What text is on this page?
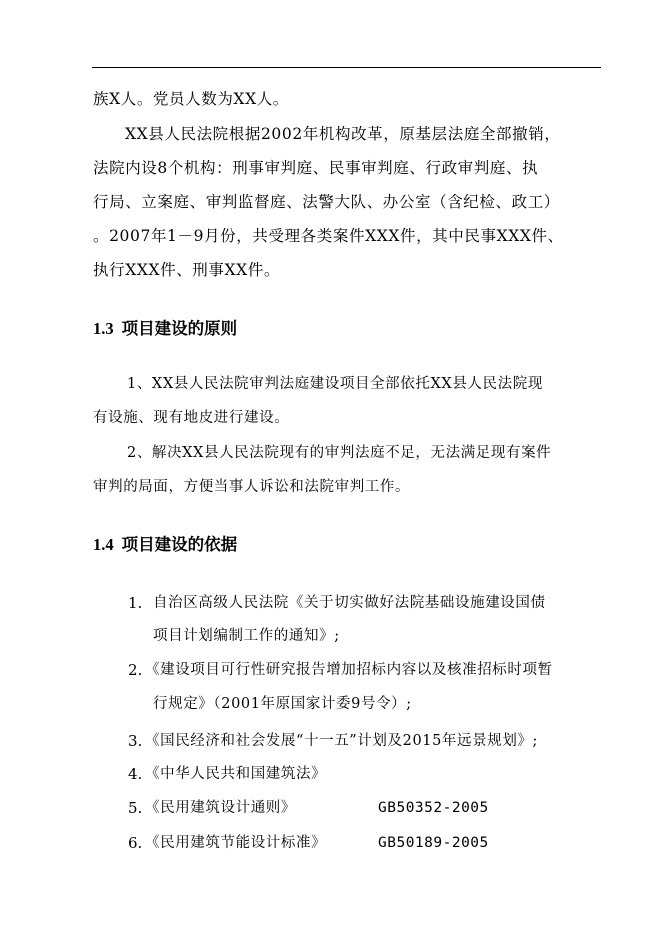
族X人。党员人数为XX人。
XX县人民法院根据2002年机构改革，原基层法庭全部撤销，
法院内设8个机构：刑事审判庭、民事审判庭、行政审判庭、执
行局、立案庭、审判监督庭、法警大队、办公室（含纪检、政工）
。2007年1－9月份，共受理各类案件XXX件，其中民事XXX件、
执行XXX件、刑事XX件。
1.3 项目建设的原则
1、XX县人民法院审判法庭建设项目全部依托XX县人民法院现
有设施、现有地皮进行建设。
2、解决XX县人民法院现有的审判法庭不足，无法满足现有案件
审判的局面，方便当事人诉讼和法院审判工作。
1.4 项目建设的依据
1. 自治区高级人民法院《关于切实做好法院基础设施建设国债
项目计划编制工作的通知》;
2. 《建设项目可行性研究报告增加招标内容以及核准招标时项暂
行规定》（2001年原国家计委9号令）;
3. 《国民经济和社会发展“十一五”计划及2015年远景规划》;
4. 《中华人民共和国建筑法》
5. 《民用建筑设计通则》	GB50352-2005
6. 《民用建筑节能设计标准》	GB50189-2005
